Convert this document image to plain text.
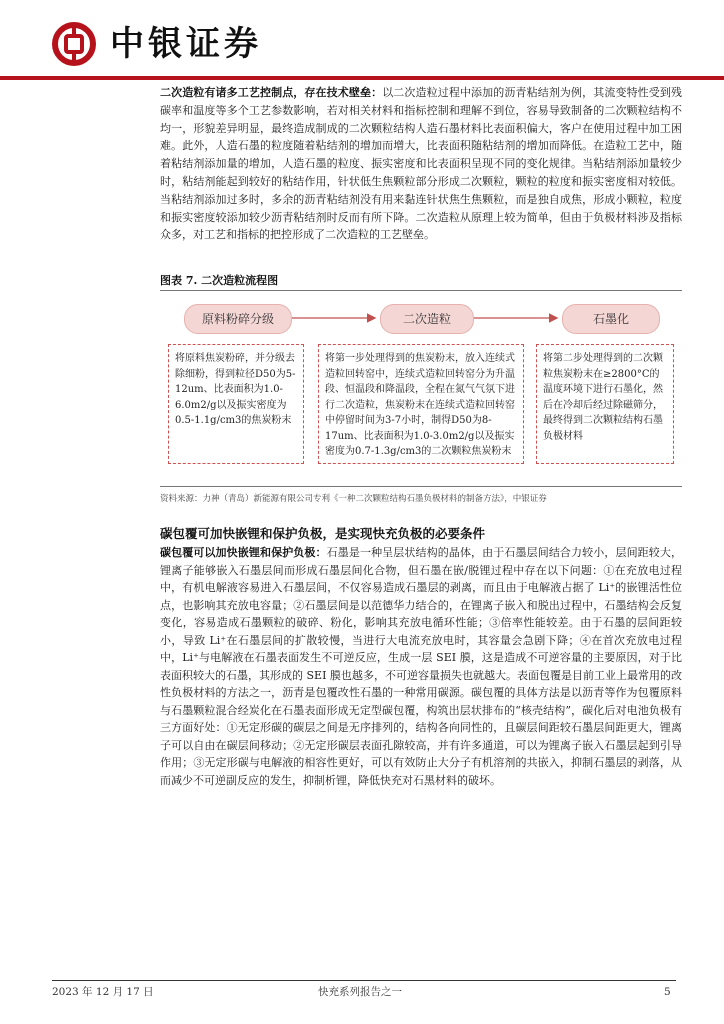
中银证券

二次造粒有诸多工艺控制点，存在技术壁垒：以二次造粒过程中添加的沥青粘结剂为例，其流变特性受到残碳率和温度等多个工艺参数影响，若对相关材料和指标控制和理解不到位，容易导致制备的二次颗粒结构不均一，形貌差异明显，最终造成制成的二次颗粒结构人造石墨材料比表面积偏大，客户在使用过程中加工困难。此外，人造石墨的粒度随着粘结剂的增加而增大，比表面积随粘结剂的增加而降低。在造粒工艺中，随着粘结剂添加量的增加，人造石墨的粒度、振实密度和比表面积呈现不同的变化规律。当粘结剂添加量较少时，粘结剂能起到较好的粘结作用，针状低生焦颗粒部分形成二次颗粒，颗粒的粒度和振实密度相对较低。当粘结剂添加过多时，多余的沥青粘结剂没有用来黏连针状焦生焦颗粒，而是独自成焦，形成小颗粒，粒度和振实密度较添加较少沥青粘结剂时反而有所下降。二次造粒从原理上较为简单，但由于负极材料涉及指标众多，对工艺和指标的把控形成了二次造粒的工艺壁垒。

图表 7. 二次造粒流程图
原料粉碎分级	二次造粒	石墨化
将原料焦炭粉碎，并分级去除细粉，得到粒径D50为5-12um、比表面积为1.0-6.0m2/g以及振实密度为0.5-1.1g/cm3的焦炭粉末
将第一步处理得到的焦炭粉末，放入连续式造粒回转窑中，连续式造粒回转窑分为升温段、恒温段和降温段，全程在氮气气氛下进行二次造粒，焦炭粉末在连续式造粒回转窑中停留时间为3-7小时，制得D50为8-17um、比表面积为1.0-3.0m2/g以及振实密度为0.7-1.3g/cm3的二次颗粒焦炭粉末
将第二步处理得到的二次颗粒焦炭粉末在≥2800°C的温度环境下进行石墨化，然后在冷却后经过除磁筛分，最终得到二次颗粒结构石墨负极材料
资料来源：力神（青岛）新能源有限公司专利《一种二次颗粒结构石墨负极材料的制备方法》，中银证券
碳包覆可加快嵌锂和保护负极，是实现快充负极的必要条件

碳包覆可以加快嵌锂和保护负极：石墨是一种呈层状结构的晶体，由于石墨层间结合力较小，层间距较大，锂离子能够嵌入石墨层间而形成石墨层间化合物，但石墨在嵌/脱锂过程中存在以下问题：①在充放电过程中，有机电解液容易进入石墨层间，不仅容易造成石墨层的剥离，而且由于电解液占据了 Li⁺的嵌锂活性位点，也影响其充放电容量；②石墨层间是以范德华力结合的，在锂离子嵌入和脱出过程中，石墨结构会反复变化，容易造成石墨颗粒的破碎、粉化，影响其充放电循环性能；③倍率性能较差。由于石墨的层间距较小，导致 Li⁺在石墨层间的扩散较慢，当进行大电流充放电时，其容量会急剧下降；④在首次充放电过程中，Li⁺与电解液在石墨表面发生不可逆反应，生成一层 SEI 膜，这是造成不可逆容量的主要原因，对于比表面积较大的石墨，其形成的 SEI 膜也越多，不可逆容量损失也就越大。表面包覆是目前工业上最常用的改性负极材料的方法之一，沥青是包覆改性石墨的一种常用碳源。碳包覆的具体方法是以沥青等作为包覆原料与石墨颗粒混合经炭化在石墨表面形成无定型碳包覆，构筑出层状排布的“核壳结构”，碳化后对电池负极有三方面好处：①无定形碳的碳层之间是无序排列的，结构各向同性的，且碳层间距较石墨层间距更大，锂离子可以自由在碳层间移动；②无定形碳层表面孔隙较高，并有许多通道，可以为锂离子嵌入石墨层起到引导作用；③无定形碳与电解液的相容性更好，可以有效防止大分子有机溶剂的共嵌入，抑制石墨层的剥落，从而减少不可逆副反应的发生，抑制析锂，降低快充对石黑材料的破坏。

2023 年 12 月 17 日	快充系列报告之一	5
